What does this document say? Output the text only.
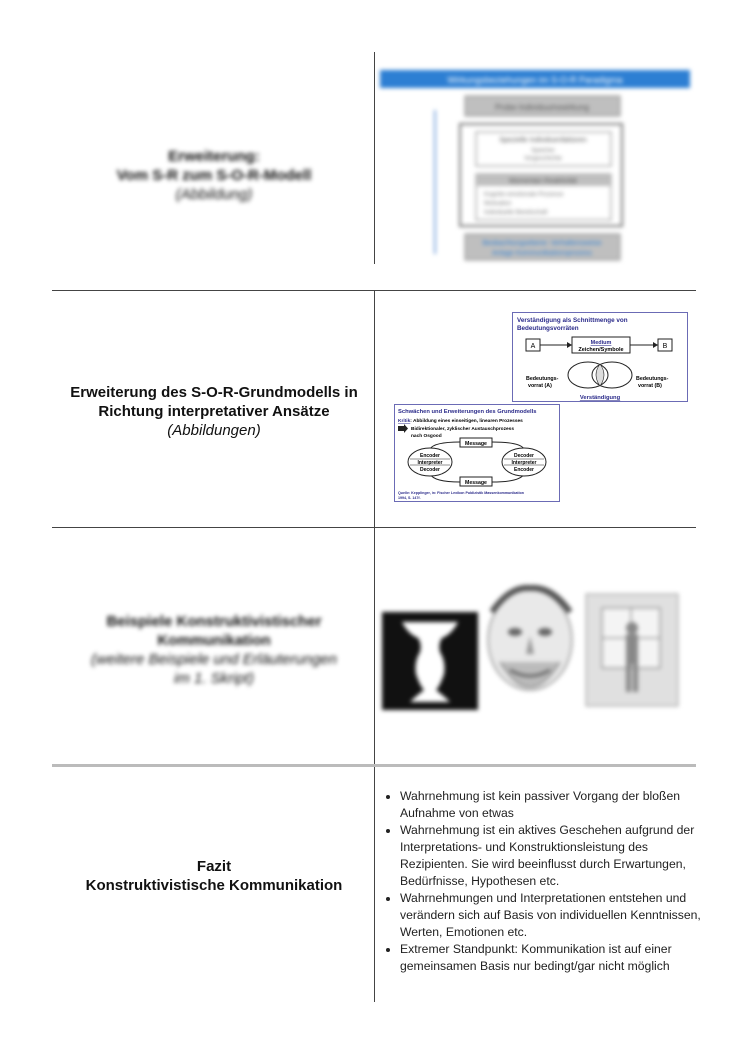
Erweiterung:
Vom S-R zum S-O-R-Modell
(Abbildung)
Wirkungsbeziehungen im S-O-R Paradigma
Probe Individuumswirkung
Spezielle Individuenfaktoren
Speicher
Vorgeschichte
Momentan Reaktivität
Kognitiv-emotionale Prozesse
Motivation
Individuelle Bereitschaft
Beobachtungsebene: Verhaltensweise
Anlage Kommunikationsprozess
Erweiterung des S-O-R-Grundmodells in
Richtung interpretativer Ansätze
(Abbildungen)
Verständigung als Schnittmenge von
Bedeutungsvorräten
A	B
Medium
Zeichen/Symbole
Bedeutungs-
vorrat (A)
Bedeutungs-
vorrat (B)
Verständigung
Schwächen und Erweiterungen des Grundmodells
Kritik: Abbildung eines einseitigen, linearen Prozesses
Bidirektionaler, zyklischer Austauschprozess
nach Osgood
Message
Message
Encoder
Interpreter
Decoder
Decoder
Interpreter
Encoder
Quelle: Kepplinger, in: Fischer Lexikon Publizistik Massenkommunikation
1994, S. 147f.
Beispiele Konstruktivistischer
Kommunikation
(weitere Beispiele und Erläuterungen
im 1. Skript)
Fazit
Konstruktivistische Kommunikation
• Wahrnehmung ist kein passiver Vorgang der bloßen Aufnahme von etwas
• Wahrnehmung ist ein aktives Geschehen aufgrund der Interpretations- und Konstruktionsleistung des Rezipienten. Sie wird beeinflusst durch Erwartungen, Bedürfnisse, Hypothesen etc.
• Wahrnehmungen und Interpretationen entstehen und verändern sich auf Basis von individuellen Kenntnissen, Werten, Emotionen etc.
• Extremer Standpunkt: Kommunikation ist auf einer gemeinsamen Basis nur bedingt/gar nicht möglich
